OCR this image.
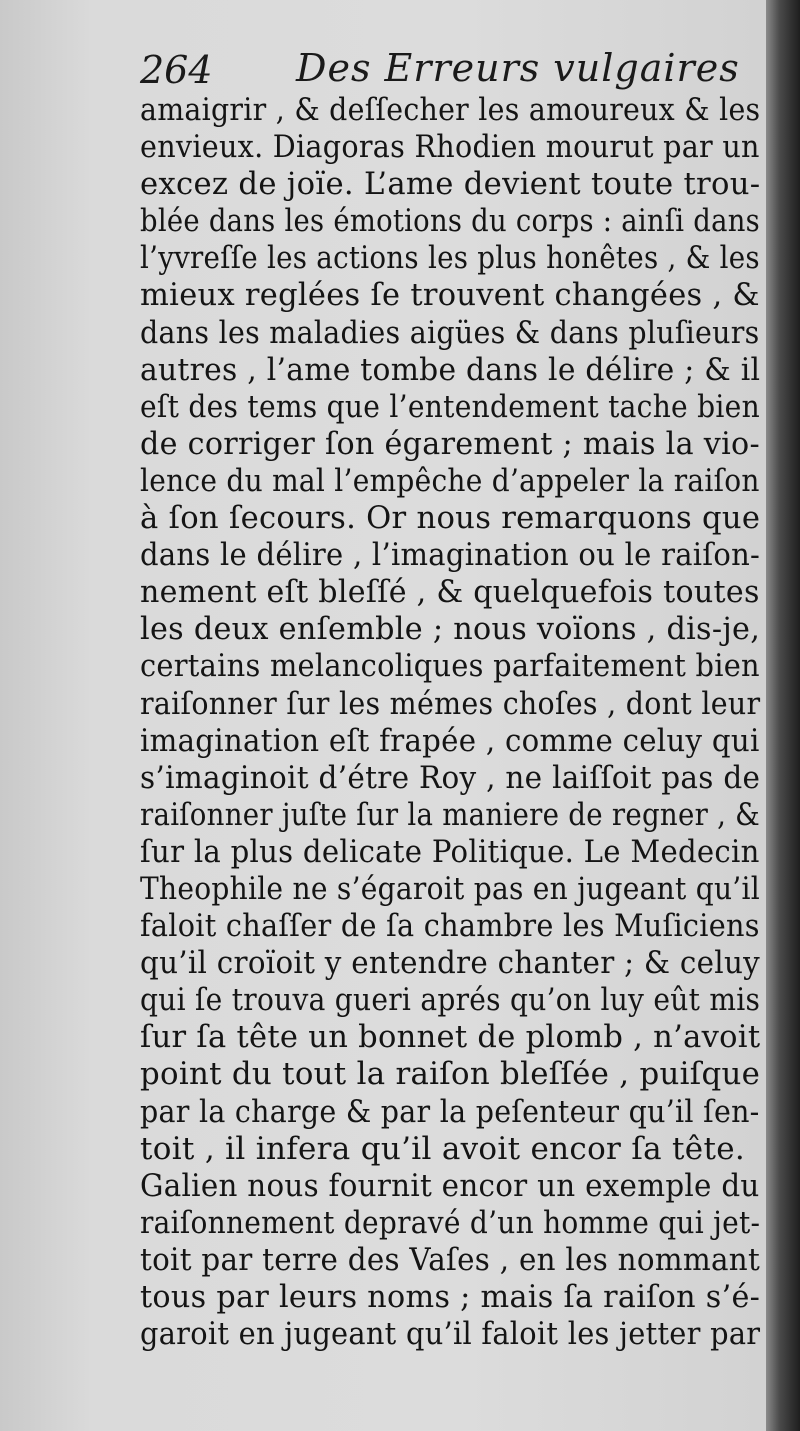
264 Des Erreurs vulgaires
amaigrir , & deſſecher les amoureux & les
envieux. Diagoras Rhodien mourut par un
excez de joïe. L’ame devient toute trou-
blée dans les émotions du corps : ainſi dans
l’yvreſſe les actions les plus honêtes , & les
mieux reglées ſe trouvent changées , &
dans les maladies aigües & dans pluſieurs
autres , l’ame tombe dans le délire ; & il
eſt des tems que l’entendement tache bien
de corriger ſon égarement ; mais la vio-
lence du mal l’empêche d’appeler la raiſon
à ſon ſecours. Or nous remarquons que
dans le délire , l’imagination ou le raiſon-
nement eſt bleſſé , & quelquefois toutes
les deux enſemble ; nous voïons , dis-je,
certains melancoliques parfaitement bien
raiſonner ſur les mémes choſes , dont leur
imagination eſt frapée , comme celuy qui
s’imaginoit d’étre Roy , ne laiſſoit pas de
raiſonner juſte ſur la maniere de regner , &
ſur la plus delicate Politique. Le Medecin
Theophile ne s’égaroit pas en jugeant qu’il
faloit chaſſer de ſa chambre les Muſiciens
qu’il croïoit y entendre chanter ; & celuy
qui ſe trouva gueri aprés qu’on luy eût mis
ſur ſa tête un bonnet de plomb , n’avoit
point du tout la raiſon bleſſée , puiſque
par la charge & par la peſenteur qu’il ſen-
toit , il infera qu’il avoit encor ſa tête.
Galien nous fournit encor un exemple du
raiſonnement depravé d’un homme qui jet-
toit par terre des Vaſes , en les nommant
tous par leurs noms ; mais ſa raiſon s’é-
garoit en jugeant qu’il faloit les jetter par
